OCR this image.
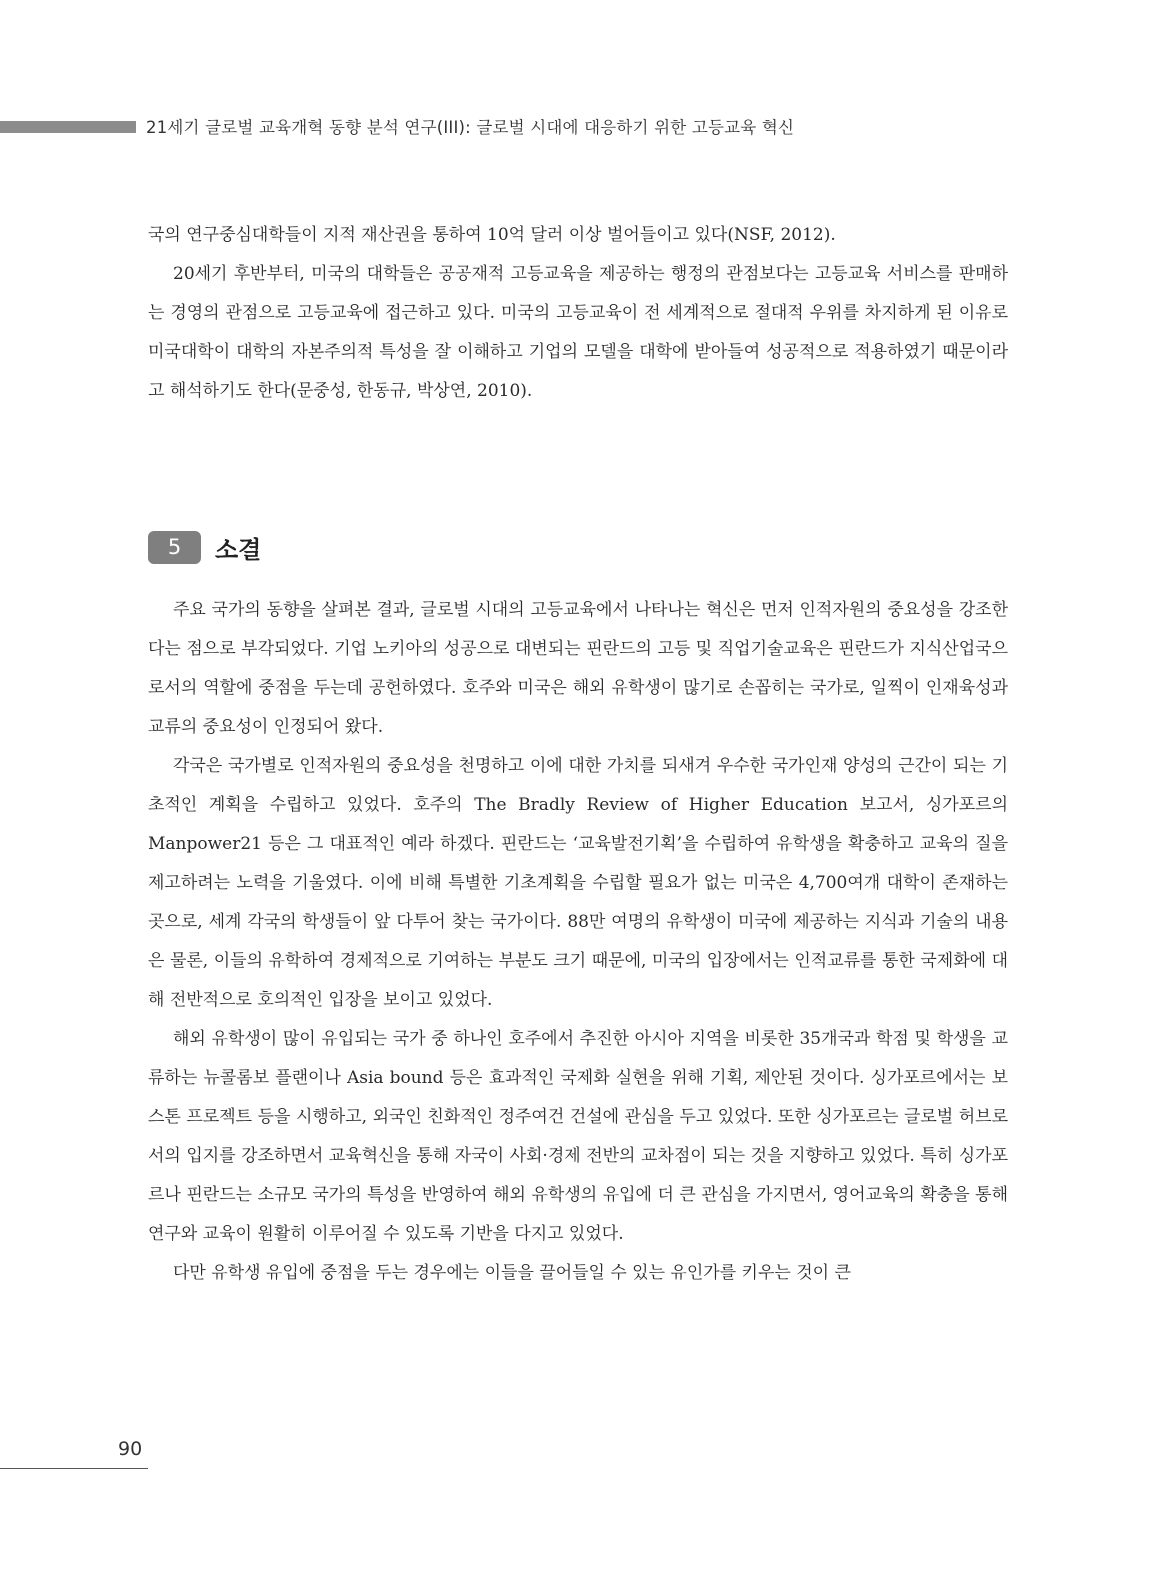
21세기 글로벌 교육개혁 동향 분석 연구(III): 글로벌 시대에 대응하기 위한 고등교육 혁신

국의 연구중심대학들이 지적 재산권을 통하여 10억 달러 이상 벌어들이고 있다(NSF, 2012).

20세기 후반부터, 미국의 대학들은 공공재적 고등교육을 제공하는 행정의 관점보다는 고등교육 서비스를 판매하는 경영의 관점으로 고등교육에 접근하고 있다. 미국의 고등교육이 전 세계적으로 절대적 우위를 차지하게 된 이유로 미국대학이 대학의 자본주의적 특성을 잘 이해하고 기업의 모델을 대학에 받아들여 성공적으로 적용하였기 때문이라고 해석하기도 한다(문중성, 한동규, 박상연, 2010).

5	소결

주요 국가의 동향을 살펴본 결과, 글로벌 시대의 고등교육에서 나타나는 혁신은 먼저 인적자원의 중요성을 강조한다는 점으로 부각되었다. 기업 노키아의 성공으로 대변되는 핀란드의 고등 및 직업기술교육은 핀란드가 지식산업국으로서의 역할에 중점을 두는데 공헌하였다. 호주와 미국은 해외 유학생이 많기로 손꼽히는 국가로, 일찍이 인재육성과 교류의 중요성이 인정되어 왔다.

각국은 국가별로 인적자원의 중요성을 천명하고 이에 대한 가치를 되새겨 우수한 국가인재 양성의 근간이 되는 기초적인 계획을 수립하고 있었다. 호주의 The Bradly Review of Higher Education 보고서, 싱가포르의 Manpower21 등은 그 대표적인 예라 하겠다. 핀란드는 ‘교육발전기획’을 수립하여 유학생을 확충하고 교육의 질을 제고하려는 노력을 기울였다. 이에 비해 특별한 기초계획을 수립할 필요가 없는 미국은 4,700여개 대학이 존재하는 곳으로, 세계 각국의 학생들이 앞 다투어 찾는 국가이다. 88만 여명의 유학생이 미국에 제공하는 지식과 기술의 내용은 물론, 이들의 유학하여 경제적으로 기여하는 부분도 크기 때문에, 미국의 입장에서는 인적교류를 통한 국제화에 대해 전반적으로 호의적인 입장을 보이고 있었다.

해외 유학생이 많이 유입되는 국가 중 하나인 호주에서 추진한 아시아 지역을 비롯한 35개국과 학점 및 학생을 교류하는 뉴콜롬보 플랜이나 Asia bound 등은 효과적인 국제화 실현을 위해 기획, 제안된 것이다. 싱가포르에서는 보스톤 프로젝트 등을 시행하고, 외국인 친화적인 정주여건 건설에 관심을 두고 있었다. 또한 싱가포르는 글로벌 허브로서의 입지를 강조하면서 교육혁신을 통해 자국이 사회·경제 전반의 교차점이 되는 것을 지향하고 있었다. 특히 싱가포르나 핀란드는 소규모 국가의 특성을 반영하여 해외 유학생의 유입에 더 큰 관심을 가지면서, 영어교육의 확충을 통해 연구와 교육이 원활히 이루어질 수 있도록 기반을 다지고 있었다.

다만 유학생 유입에 중점을 두는 경우에는 이들을 끌어들일 수 있는 유인가를 키우는 것이 큰

90
